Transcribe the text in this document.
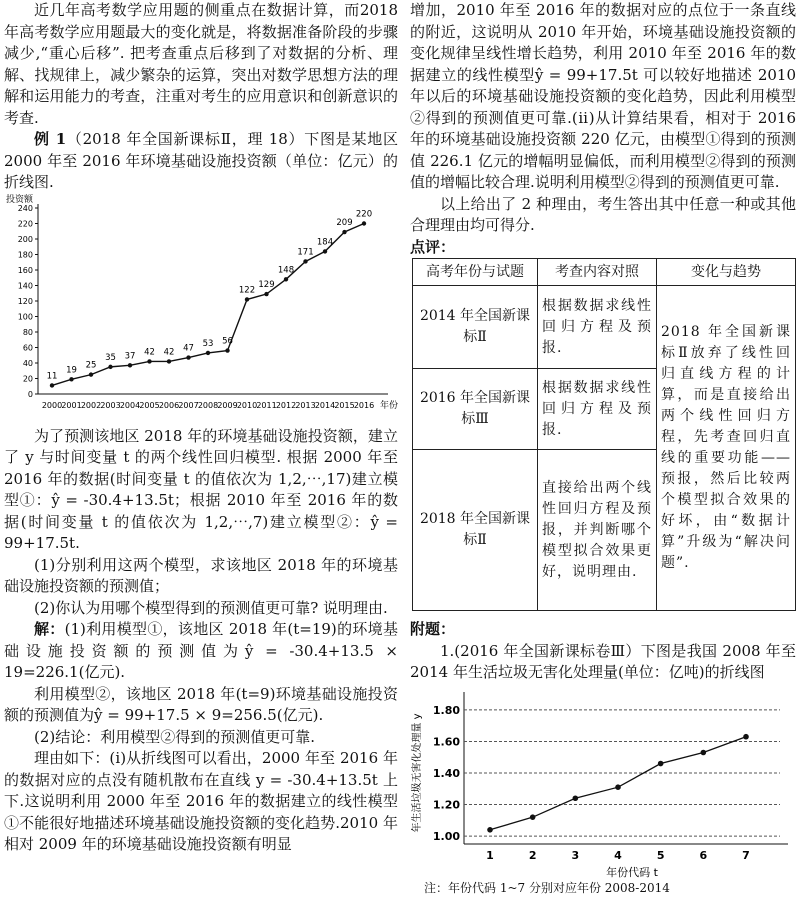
近几年高考数学应用题的侧重点在数据计算，而2018年高考数学应用题最大的变化就是，将数据准备阶段的步骤减少,“重心后移”. 把考查重点后移到了对数据的分析、理解、找规律上，减少繁杂的运算，突出对数学思想方法的理解和运用能力的考查，注重对考生的应用意识和创新意识的考查.

例 1（2018 年全国新课标Ⅱ，理 18）下图是某地区 2000 年至 2016 年环境基础设施投资额（单位：亿元）的折线图.

投资额
年份
0
20
40
60
80
100
120
140
160
180
200
220
240
2000 2001 2002 2003 2004 2005 2006 2007 2008 2009 2010 2011 2012 2013 2014 2015 2016
11
19 25
35 37 42 42 47 53 56
122
129
148
171
184
209
220

为了预测该地区 2018 年的环境基础设施投资额，建立了 y 与时间变量 t 的两个线性回归模型. 根据 2000 年至 2016 年的数据(时间变量 t 的值依次为 1,2,⋯,17)建立模型①：ŷ = -30.4+13.5t；根据 2010 年至 2016 年的数据(时间变量 t 的值依次为 1,2,⋯,7)建立模型②：ŷ = 99+17.5t.

(1)分别利用这两个模型，求该地区 2018 年的环境基础设施投资额的预测值；

(2)你认为用哪个模型得到的预测值更可靠? 说明理由.

解：(1)利用模型①，该地区 2018 年(t=19)的环境基础设施投资额的预测值为ŷ = -30.4+13.5 × 19=226.1(亿元).

利用模型②，该地区 2018 年(t=9)环境基础设施投资额的预测值为ŷ = 99+17.5 × 9=256.5(亿元).

(2)结论：利用模型②得到的预测值更可靠.

理由如下：(ⅰ)从折线图可以看出，2000 年至 2016 年的数据对应的点没有随机散布在直线 y = -30.4+13.5t 上下.这说明利用 2000 年至 2016 年的数据建立的线性模型①不能很好地描述环境基础设施投资额的变化趋势.2010 年相对 2009 年的环境基础设施投资额有明显

增加，2010 年至 2016 年的数据对应的点位于一条直线的附近，这说明从 2010 年开始，环境基础设施投资额的变化规律呈线性增长趋势，利用 2010 年至 2016 年的数据建立的线性模型ŷ = 99+17.5t 可以较好地描述 2010 年以后的环境基础设施投资额的变化趋势，因此利用模型②得到的预测值更可靠.(ⅱ)从计算结果看，相对于 2016 年的环境基础设施投资额 220 亿元，由模型①得到的预测值 226.1 亿元的增幅明显偏低，而利用模型②得到的预测值的增幅比较合理.说明利用模型②得到的预测值更可靠.

以上给出了 2 种理由，考生答出其中任意一种或其他合理理由均可得分.

点评：

高考年份与试题	考查内容对照	变化与趋势
2014 年全国新课标Ⅱ	根据数据求线性回归方程及预报.	2018 年全国新课标Ⅱ放弃了线性回归直线方程的计算，而是直接给出两个线性回归方程，先考查回归直线的重要功能——预报，然后比较两个模型拟合效果的好坏，由“数据计算”升级为“解决问题”.
2016 年全国新课标Ⅲ	根据数据求线性回归方程及预报.	
2018 年全国新课标Ⅱ	直接给出两个线性回归方程及预报，并判断哪个模型拟合效果更好，说明理由.	

附题：

1.(2016 年全国新课标卷Ⅲ）下图是我国 2008 年至 2014 年生活垃圾无害化处理量(单位：亿吨)的折线图

1.00
1.20
1.40
1.60
1.80
1	2	3	4	5	6	7
年生活垃圾无害化处理量 y
年份代码 t

注：年份代码 1~7 分别对应年份 2008-2014
